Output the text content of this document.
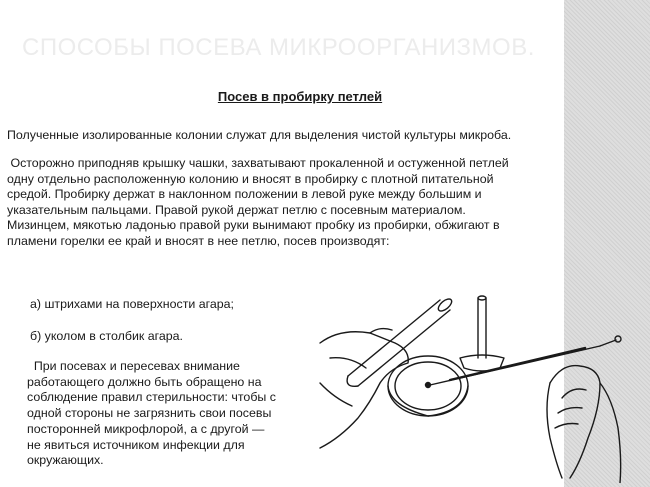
СПОСОБЫ ПОСЕВА МИКРООРГАНИЗМОВ.
Посев в пробирку петлей

Полученные изолированные колонии служат для выделения чистой культуры микроба.

Осторожно приподняв крышку чашки, захватывают прокаленной и остуженной петлей
одну отдельно расположенную колонию и вносят в пробирку с плотной питательной
средой. Пробирку держат в наклонном положении в левой руке между большим и
указательным пальцами. Правой рукой держат петлю с посевным материалом.
Мизинцем, мякотью ладонью правой руки вынимают пробку из пробирки, обжигают в
пламени горелки ее край и вносят в нее петлю, посев производят:
а) штрихами на поверхности агара;
б) уколом в столбик агара.
При посевах и пересевах внимание
работающего должно быть обращено на
соблюдение правил стерильности: чтобы с
одной стороны не загрязнить свои посевы
посторонней микрофлорой, а с другой —
не явиться источником инфекции для
окружающих.
